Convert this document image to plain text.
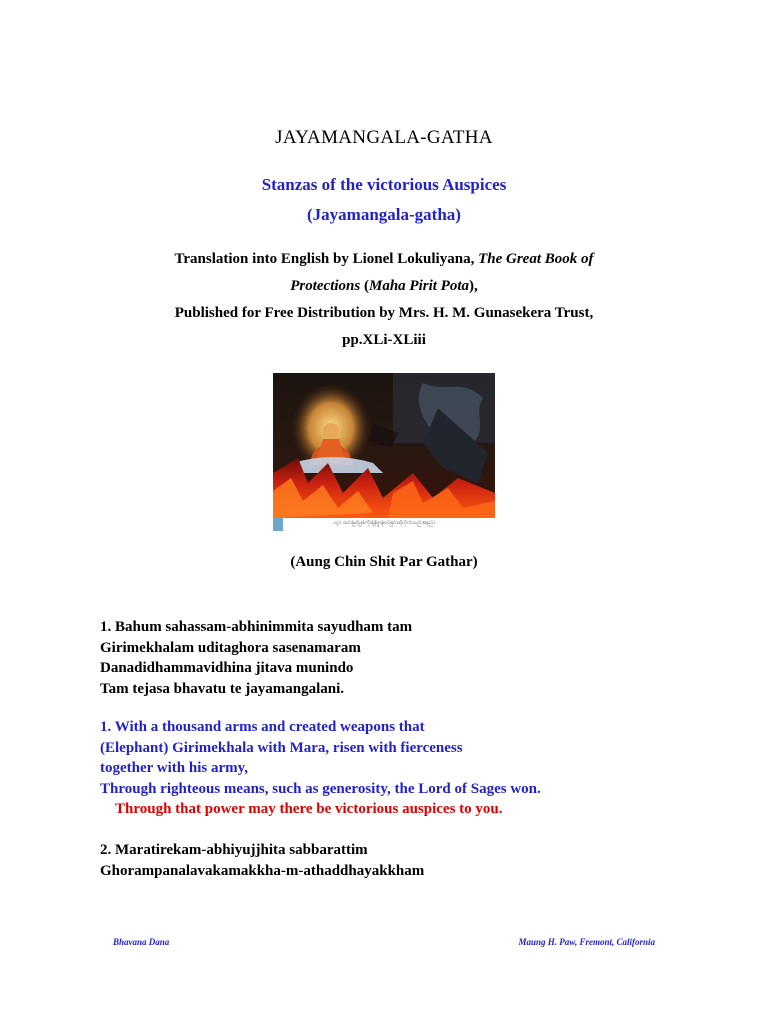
JAYAMANGALA-GATHA
Stanzas of the victorious Auspices
(Jayamangala-gatha)
Translation into English by Lionel Lokuliyana, The Great Book of
Protections (Maha Pirit Pota),
Published for Free Distribution by Mrs. H. M. Gunasekera Trust,
pp.XLi-XLiii
၁၃၁ ထင်းမြင်ဖြစ်ကိုးရုံနိဗ္ဗာန်ဝင်ခြင်းထိုလိုက်သည်အနည်း
(Aung Chin Shit Par Gathar)
1. Bahum sahassam-abhinimmita sayudham tam
Girimekhalam uditaghora sasenamaram
Danadidhammavidhina jitava munindo
Tam tejasa bhavatu te jayamangalani.
1. With a thousand arms and created weapons that
(Elephant) Girimekhala with Mara, risen with fierceness
together with his army,
Through righteous means, such as generosity, the Lord of Sages won.
Through that power may there be victorious auspices to you.
2. Maratirekam-abhiyujjhita sabbarattim
Ghorampanalavakamakkha-m-athaddhayakkham
Bhavana Dana	Maung H. Paw, Fremont, California
